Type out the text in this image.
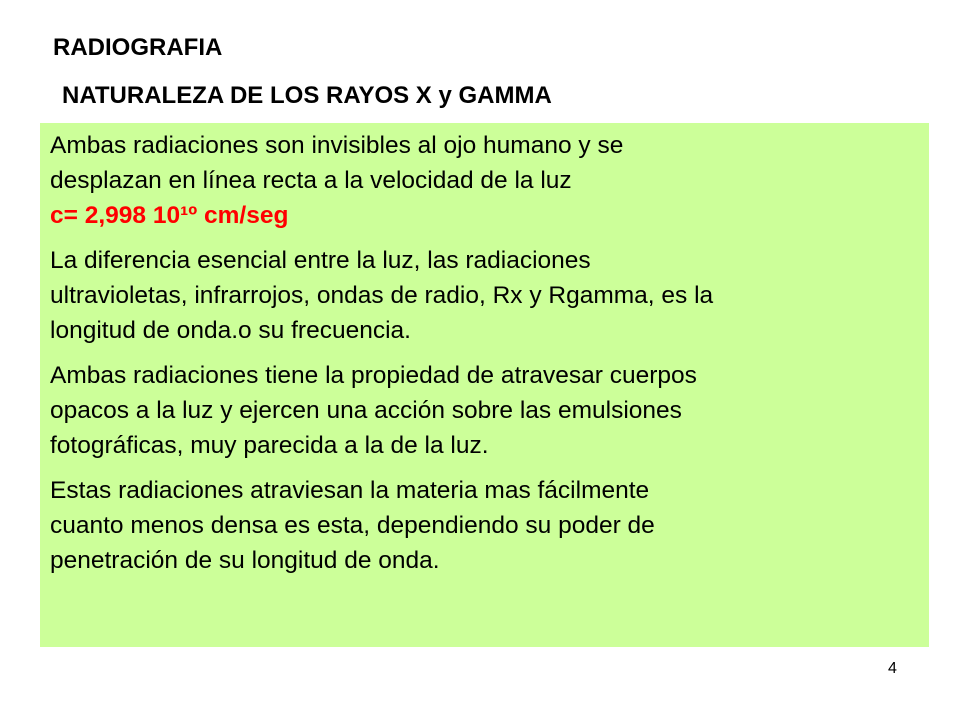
RADIOGRAFIA
NATURALEZA DE LOS RAYOS X y GAMMA

Ambas radiaciones son invisibles al ojo humano y se
desplazan en línea recta a la velocidad de la luz
c= 2,998 10¹º cm/seg

La diferencia esencial entre la luz, las radiaciones
ultravioletas, infrarrojos, ondas de radio, Rx y Rgamma, es la
longitud de onda.o su frecuencia.

Ambas radiaciones tiene la propiedad de atravesar cuerpos
opacos a la luz y ejercen una acción sobre las emulsiones
fotográficas, muy parecida a la de la luz.

Estas radiaciones atraviesan la materia mas fácilmente
cuanto menos densa es esta, dependiendo su poder de
penetración de su longitud de onda.

4
